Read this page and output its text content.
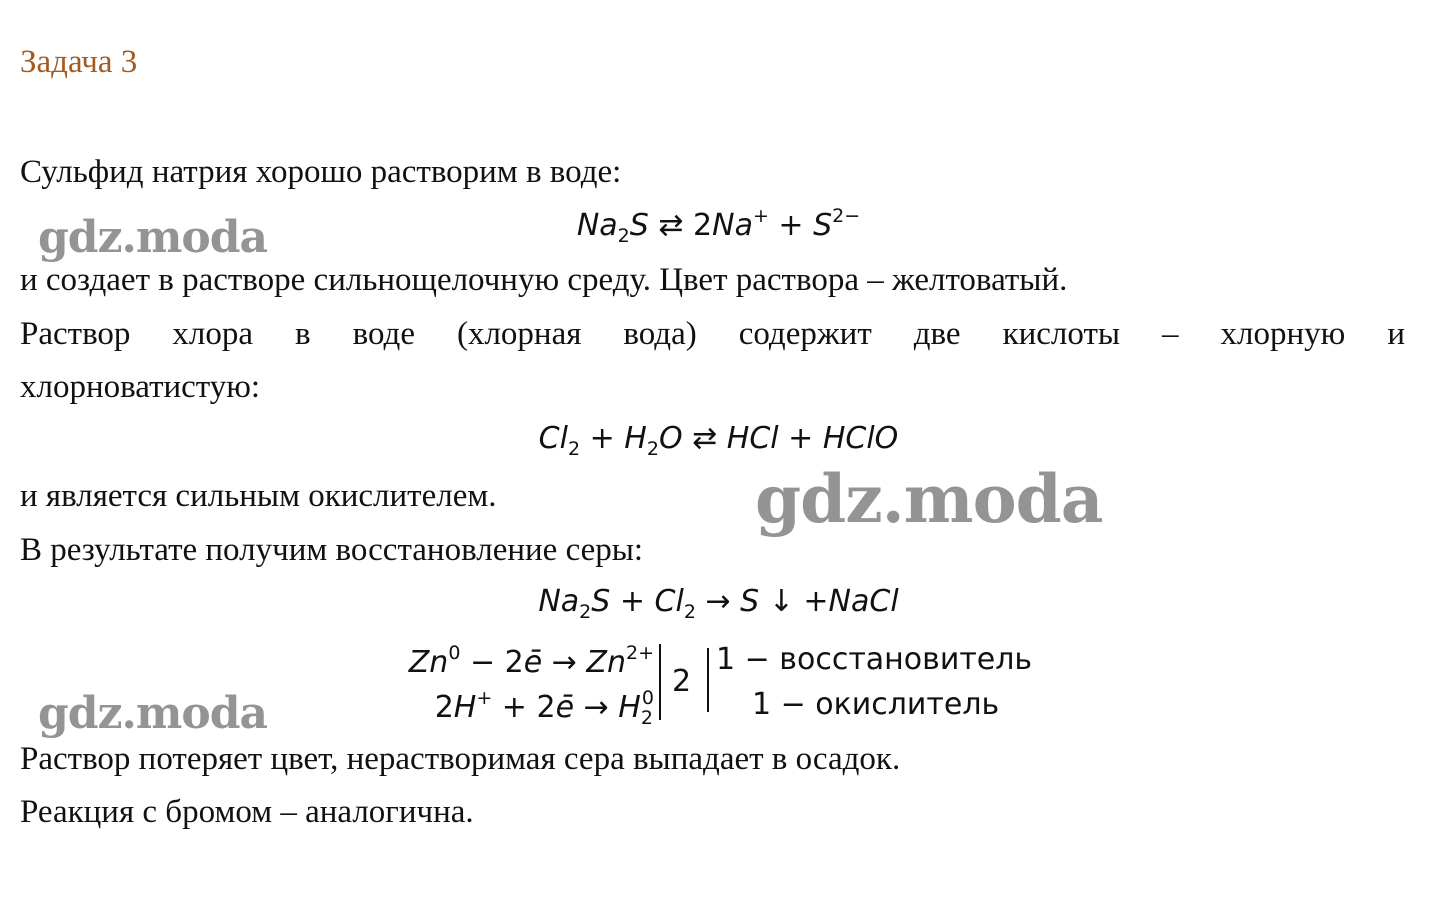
Задача 3
Сульфид натрия хорошо растворим в воде:
$Na_2S$ ⇄ $2Na^+ + S^{2-}$
и создает в растворе сильнощелочную среду. Цвет раствора – желтоватый.
Раствор хлора в воде (хлорная вода) содержит две кислоты – хлорную и
хлорноватистую:
$Cl_2 + H_2O$ ⇄ HCl + HClO
и является сильным окислителем.
В результате получим восстановление серы:
$Na_2S + Cl_2 \to S$ ↓ +NaCl
$Zn^0$ − 2ē → $Zn^{2+}$
2H+ + 2ē → $H_2^0$ 2
1 − восстановитель
1 − окислитель
Раствор потеряет цвет, нерастворимая сера выпадает в осадок.
Реакция с бромом – аналогична.
gdz.moda
gdz.moda
gdz.moda
